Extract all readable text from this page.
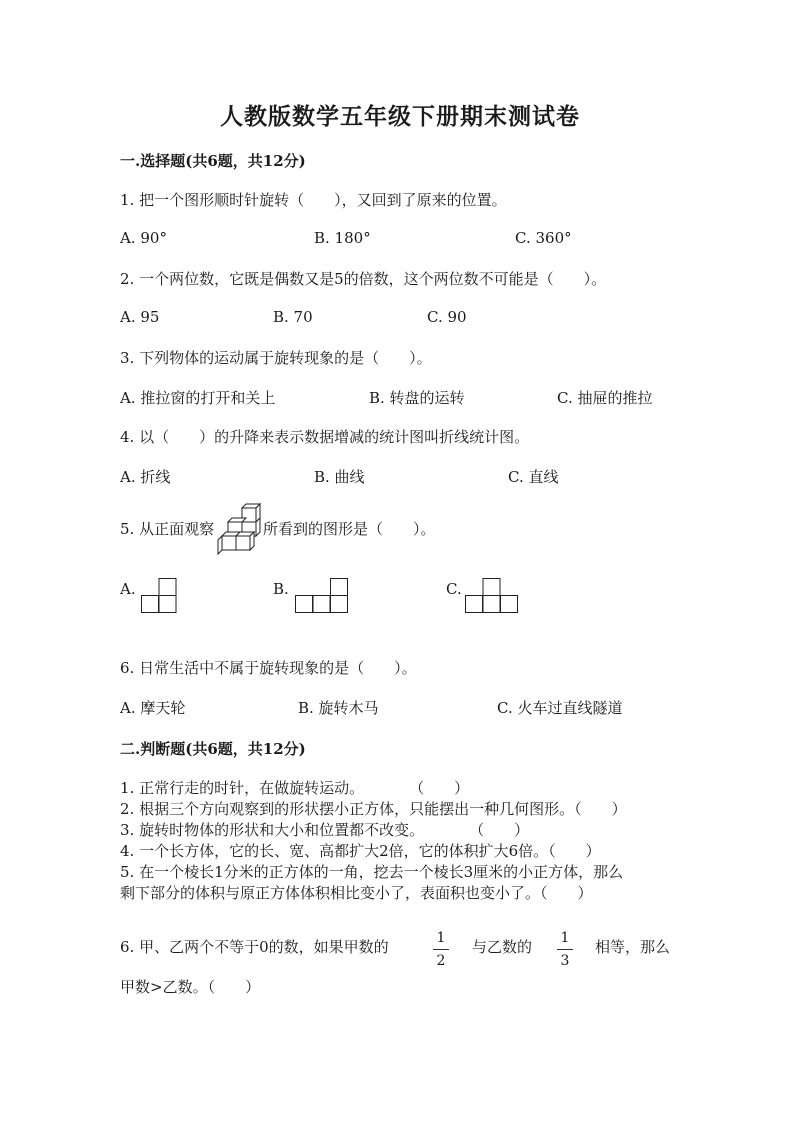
人教版数学五年级下册期末测试卷
一.选择题(共6题，共12分)
1. 把一个图形顺时针旋转（　　），又回到了原来的位置。
A. 90°	B. 180°	C. 360°
2. 一个两位数，它既是偶数又是5的倍数，这个两位数不可能是（　　）。
A. 95	B. 70	C. 90
3. 下列物体的运动属于旋转现象的是（　　）。
A. 推拉窗的打开和关上	B. 转盘的运转	C. 抽屉的推拉
4. 以（　　）的升降来表示数据增减的统计图叫折线统计图。
A. 折线	B. 曲线	C. 直线
5. 从正面观察	所看到的图形是（　　）。
A.	B.	C.
6. 日常生活中不属于旋转现象的是（　　）。
A. 摩天轮	B. 旋转木马	C. 火车过直线隧道
二.判断题(共6题，共12分)
1. 正常行走的时针，在做旋转运动。　　　　（　　）
2. 根据三个方向观察到的形状摆小正方体，只能摆出一种几何图形。（　　）
3. 旋转时物体的形状和大小和位置都不改变。　　　　（　　）
4. 一个长方体，它的长、宽、高都扩大2倍，它的体积扩大6倍。（　　）
5. 在一个棱长1分米的正方体的一角，挖去一个棱长3厘米的小正方体，那么
剩下部分的体积与原正方体体积相比变小了，表面积也变小了。（　　）
6. 甲、乙两个不等于0的数，如果甲数的	1
2
与乙数的 1
3
相等，那么
甲数>乙数。（　　）
